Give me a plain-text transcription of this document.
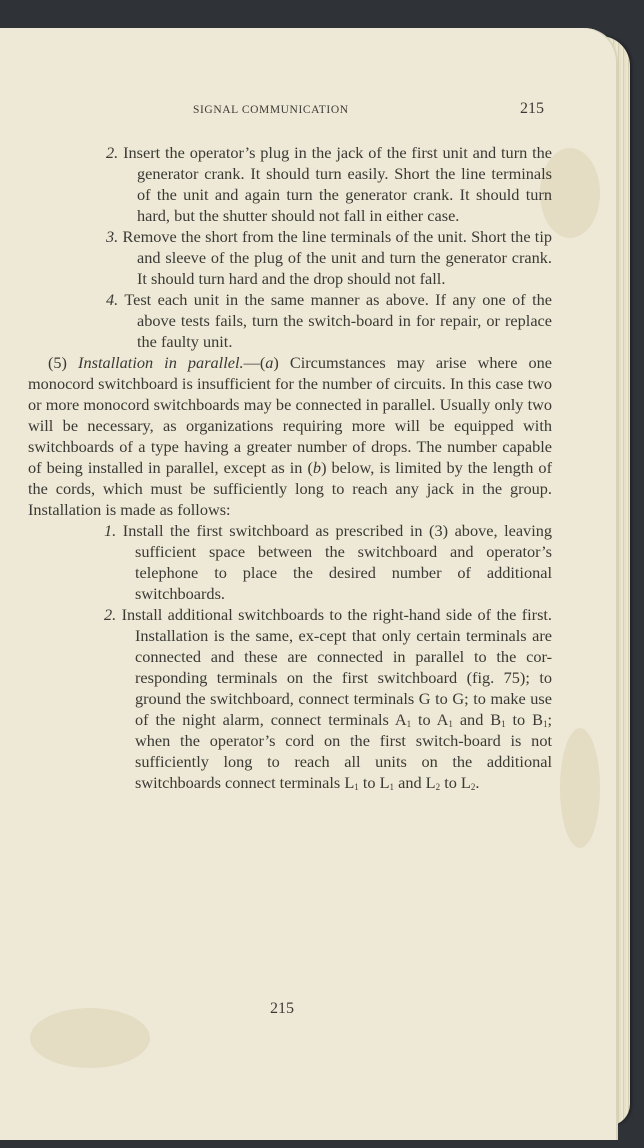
SIGNAL COMMUNICATION	215

2. Insert the operator’s plug in the jack of the first unit and turn the generator crank. It should turn easily. Short the line terminals of the unit and again turn the generator crank. It should turn hard, but the shutter should not fall in either case.

3. Remove the short from the line terminals of the unit. Short the tip and sleeve of the plug of the unit and turn the generator crank. It should turn hard and the drop should not fall.

4. Test each unit in the same manner as above. If any one of the above tests fails, turn the switch-board in for repair, or replace the faulty unit.

(5) Installation in parallel.—(a) Circumstances may arise where one monocord switchboard is insufficient for the number of circuits. In this case two or more monocord switchboards may be connected in parallel. Usually only two will be necessary, as organizations requiring more will be equipped with switchboards of a type having a greater number of drops. The number capable of being installed in parallel, except as in (b) below, is limited by the length of the cords, which must be sufficiently long to reach any jack in the group. Installation is made as follows:

1. Install the first switchboard as prescribed in (3) above, leaving sufficient space between the switchboard and operator’s telephone to place the desired number of additional switchboards.

2. Install additional switchboards to the right-hand side of the first. Installation is the same, ex-cept that only certain terminals are connected and these are connected in parallel to the cor-responding terminals on the first switchboard (fig. 75); to ground the switchboard, connect terminals G to G; to make use of the night alarm, connect terminals $A_1$ to $A_1$ and $B_1$ to $B_1$; when the operator’s cord on the first switch-board is not sufficiently long to reach all units on the additional switchboards connect terminals $L_1$ to $L_1$ and $L_2$ to $L_2$.

215
